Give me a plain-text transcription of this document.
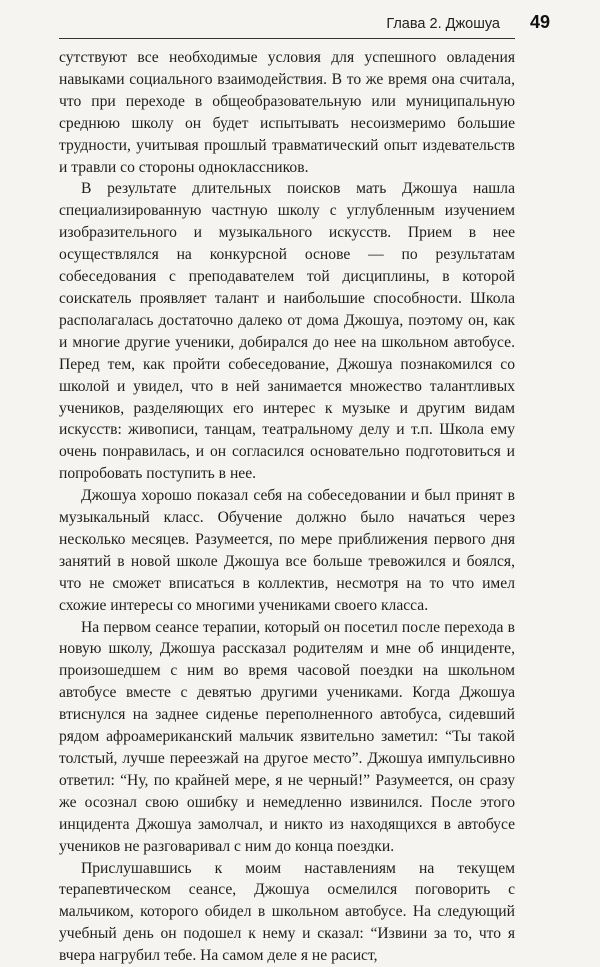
Глава 2. Джошуа 49

сутствуют все необходимые условия для успешного овладения навыками социального взаимодействия. В то же время она считала, что при переходе в общеобразовательную или муниципальную среднюю школу он будет испытывать несоизмеримо большие трудности, учитывая прошлый травматический опыт издевательств и травли со стороны одноклассников.

В результате длительных поисков мать Джошуа нашла специализированную частную школу с углубленным изучением изобразительного и музыкального искусств. Прием в нее осуществлялся на конкурсной основе — по результатам собеседования с преподавателем той дисциплины, в которой соискатель проявляет талант и наибольшие способности. Школа располагалась достаточно далеко от дома Джошуа, поэтому он, как и многие другие ученики, добирался до нее на школьном автобусе. Перед тем, как пройти собеседование, Джошуа познакомился со школой и увидел, что в ней занимается множество талантливых учеников, разделяющих его интерес к музыке и другим видам искусств: живописи, танцам, театральному делу и т.п. Школа ему очень понравилась, и он согласился основательно подготовиться и попробовать поступить в нее.

Джошуа хорошо показал себя на собеседовании и был принят в музыкальный класс. Обучение должно было начаться через несколько месяцев. Разумеется, по мере приближения первого дня занятий в новой школе Джошуа все больше тревожился и боялся, что не сможет вписаться в коллектив, несмотря на то что имел схожие интересы со многими учениками своего класса.

На первом сеансе терапии, который он посетил после перехода в новую школу, Джошуа рассказал родителям и мне об инциденте, произошедшем с ним во время часовой поездки на школьном автобусе вместе с девятью другими учениками. Когда Джошуа втиснулся на заднее сиденье переполненного автобуса, сидевший рядом афроамериканский мальчик язвительно заметил: “Ты такой толстый, лучше переезжай на другое место”. Джошуа импульсивно ответил: “Ну, по крайней мере, я не черный!” Разумеется, он сразу же осознал свою ошибку и немедленно извинился. После этого инцидента Джошуа замолчал, и никто из находящихся в автобусе учеников не разговаривал с ним до конца поездки.

Прислушавшись к моим наставлениям на текущем терапевтическом сеансе, Джошуа осмелился поговорить с мальчиком, которого обидел в школьном автобусе. На следующий учебный день он подошел к нему и сказал: “Извини за то, что я вчера нагрубил тебе. На самом деле я не расист,
